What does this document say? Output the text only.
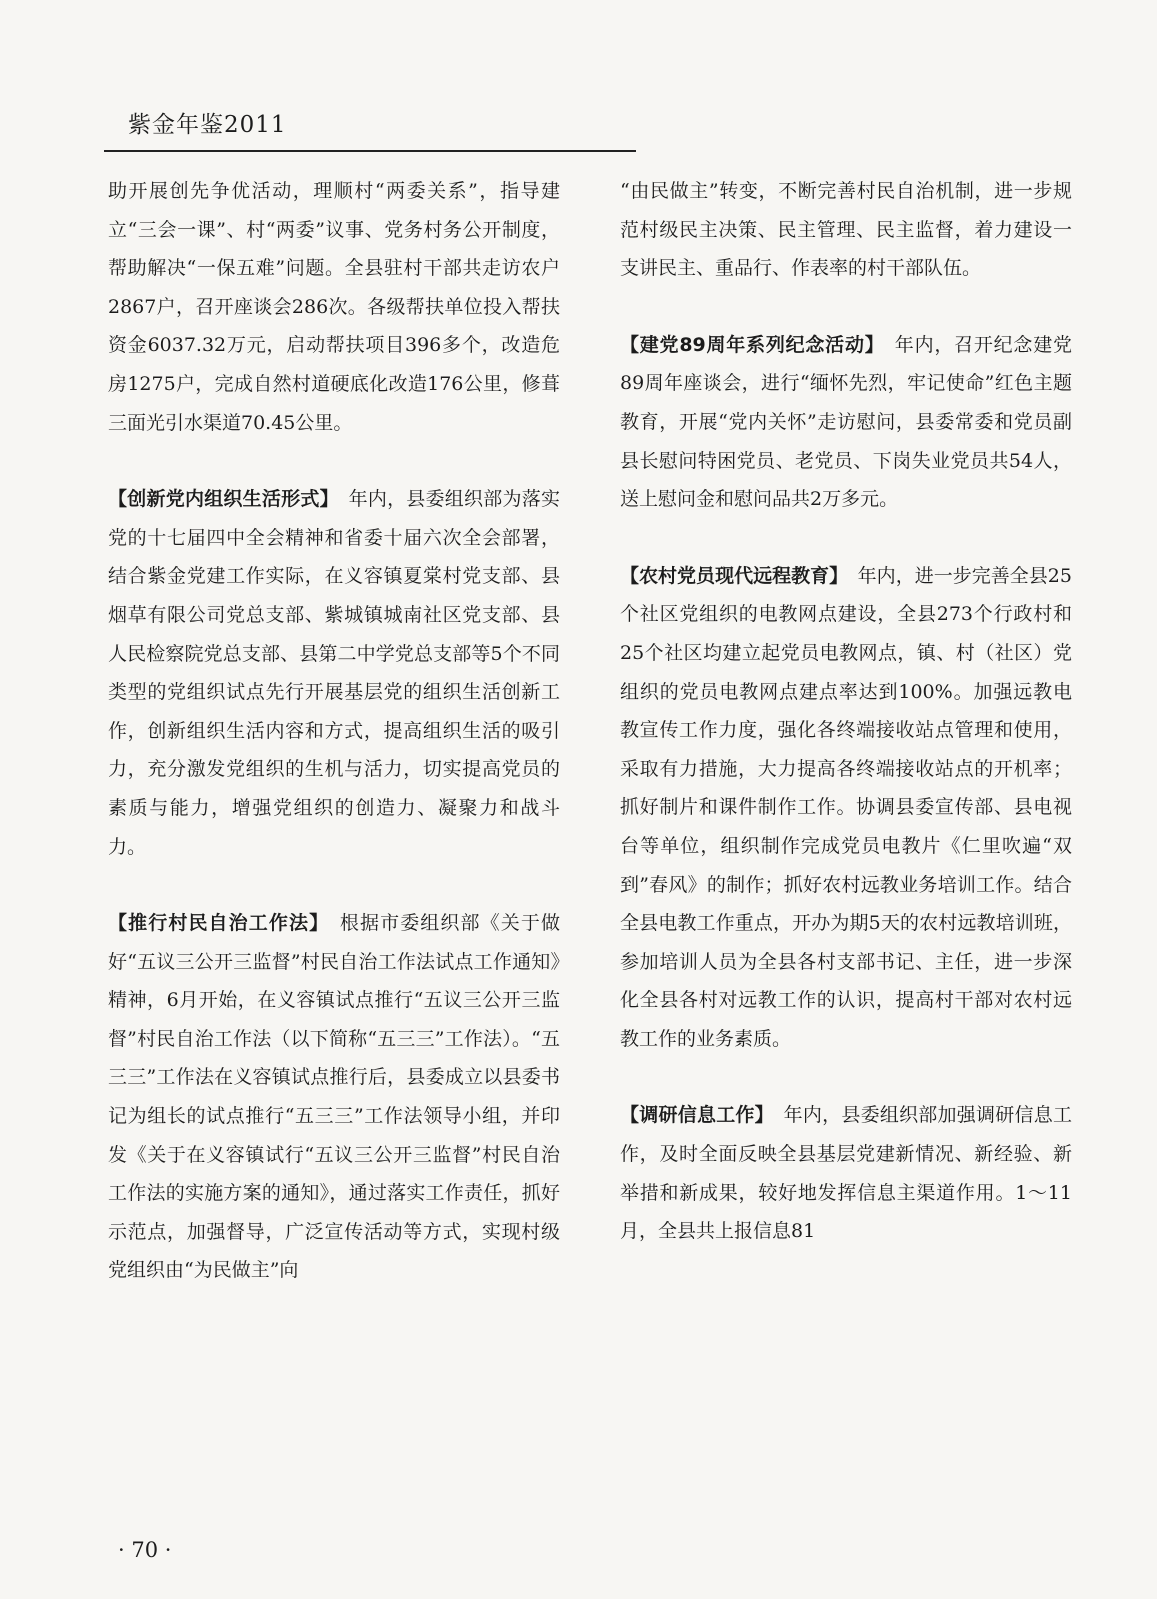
紫金年鉴2011

助开展创先争优活动，理顺村“两委关系”，指导建立“三会一课”、村“两委”议事、党务村务公开制度，帮助解决“一保五难”问题。全县驻村干部共走访农户2867户，召开座谈会286次。各级帮扶单位投入帮扶资金6037.32万元，启动帮扶项目396多个，改造危房1275户，完成自然村道硬底化改造176公里，修葺三面光引水渠道70.45公里。

【创新党内组织生活形式】　年内，县委组织部为落实党的十七届四中全会精神和省委十届六次全会部署，结合紫金党建工作实际，在义容镇夏棠村党支部、县烟草有限公司党总支部、紫城镇城南社区党支部、县人民检察院党总支部、县第二中学党总支部等5个不同类型的党组织试点先行开展基层党的组织生活创新工作，创新组织生活内容和方式，提高组织生活的吸引力，充分激发党组织的生机与活力，切实提高党员的素质与能力，增强党组织的创造力、凝聚力和战斗力。

【推行村民自治工作法】　根据市委组织部《关于做好“五议三公开三监督”村民自治工作法试点工作通知》精神，6月开始，在义容镇试点推行“五议三公开三监督”村民自治工作法（以下简称“五三三”工作法）。“五三三”工作法在义容镇试点推行后，县委成立以县委书记为组长的试点推行“五三三”工作法领导小组，并印发《关于在义容镇试行“五议三公开三监督”村民自治工作法的实施方案的通知》，通过落实工作责任，抓好示范点，加强督导，广泛宣传活动等方式，实现村级党组织由“为民做主”向

“由民做主”转变，不断完善村民自治机制，进一步规范村级民主决策、民主管理、民主监督，着力建设一支讲民主、重品行、作表率的村干部队伍。

【建党89周年系列纪念活动】　年内，召开纪念建党89周年座谈会，进行“缅怀先烈，牢记使命”红色主题教育，开展“党内关怀”走访慰问，县委常委和党员副县长慰问特困党员、老党员、下岗失业党员共54人，送上慰问金和慰问品共2万多元。

【农村党员现代远程教育】　年内，进一步完善全县25个社区党组织的电教网点建设，全县273个行政村和25个社区均建立起党员电教网点，镇、村（社区）党组织的党员电教网点建点率达到100%。加强远教电教宣传工作力度，强化各终端接收站点管理和使用，采取有力措施，大力提高各终端接收站点的开机率；抓好制片和课件制作工作。协调县委宣传部、县电视台等单位，组织制作完成党员电教片《仁里吹遍“双到”春风》的制作；抓好农村远教业务培训工作。结合全县电教工作重点，开办为期5天的农村远教培训班，参加培训人员为全县各村支部书记、主任，进一步深化全县各村对远教工作的认识，提高村干部对农村远教工作的业务素质。

【调研信息工作】　年内，县委组织部加强调研信息工作，及时全面反映全县基层党建新情况、新经验、新举措和新成果，较好地发挥信息主渠道作用。1～11月，全县共上报信息81

· 70 ·
